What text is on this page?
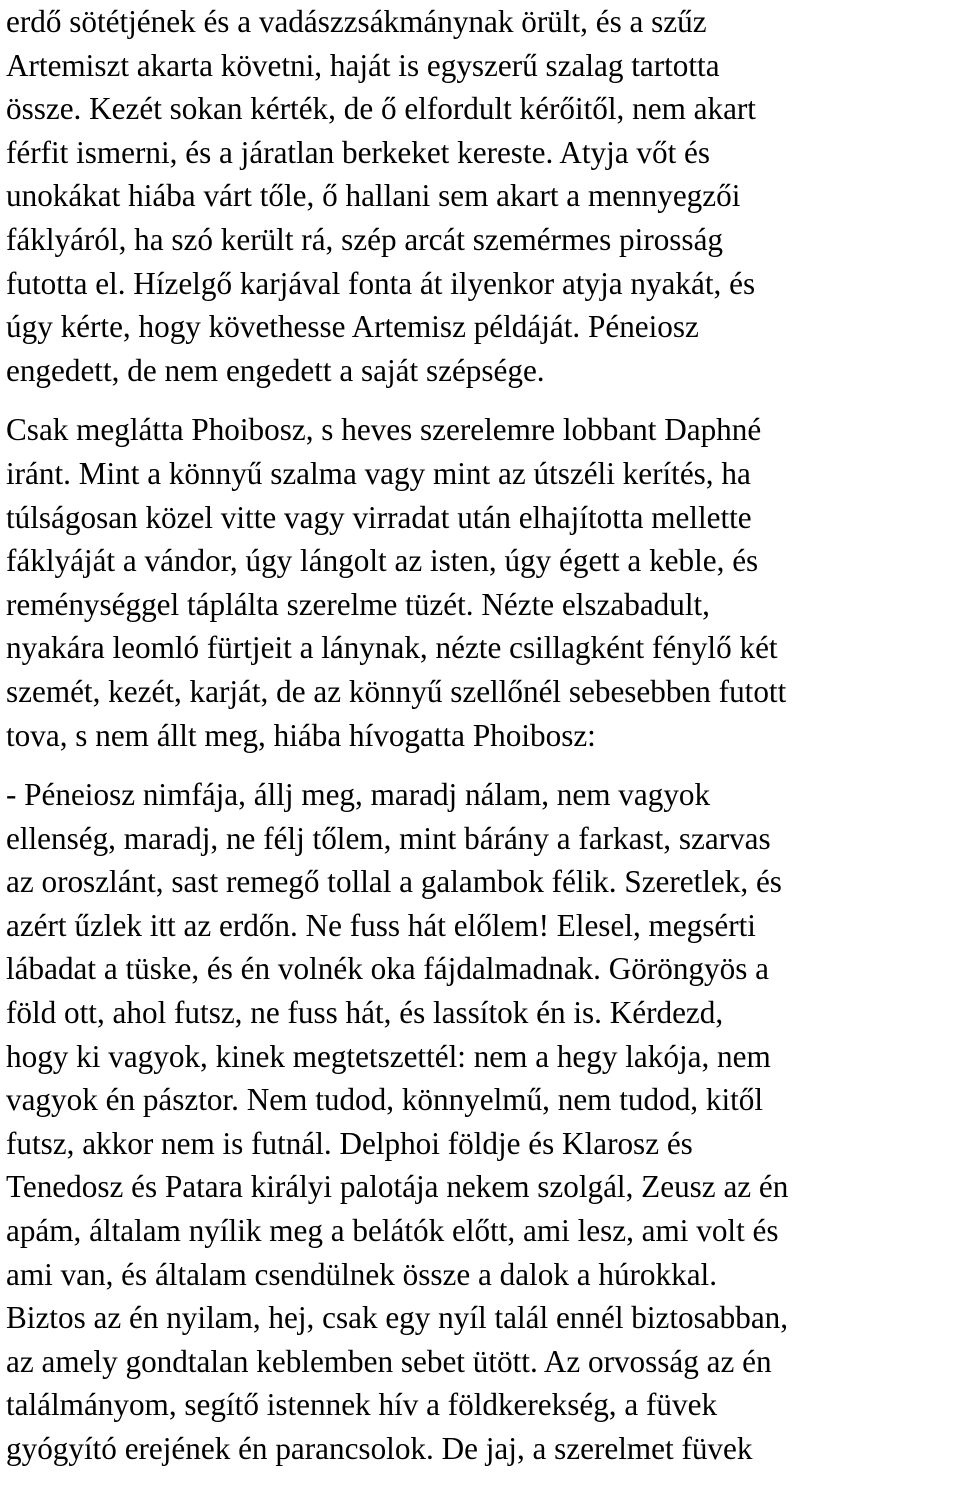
erdő sötétjének és a vadászzsákmánynak örült, és a szűz
Artemiszt akarta követni, haját is egyszerű szalag tartotta
össze. Kezét sokan kérték, de ő elfordult kérőitől, nem akart
férfit ismerni, és a járatlan berkeket kereste. Atyja vőt és
unokákat hiába várt tőle, ő hallani sem akart a mennyegzői
fáklyáról, ha szó került rá, szép arcát szemérmes pirosság
futotta el. Hízelgő karjával fonta át ilyenkor atyja nyakát, és
úgy kérte, hogy követhesse Artemisz példáját. Péneiosz
engedett, de nem engedett a saját szépsége.

Csak meglátta Phoibosz, s heves szerelemre lobbant Daphné
iránt. Mint a könnyű szalma vagy mint az útszéli kerítés, ha
túlságosan közel vitte vagy virradat után elhajította mellette
fáklyáját a vándor, úgy lángolt az isten, úgy égett a keble, és
reménységgel táplálta szerelme tüzét. Nézte elszabadult,
nyakára leomló fürtjeit a lánynak, nézte csillagként fénylő két
szemét, kezét, karját, de az könnyű szellőnél sebesebben futott
tova, s nem állt meg, hiába hívogatta Phoibosz:

- Péneiosz nimfája, állj meg, maradj nálam, nem vagyok
ellenség, maradj, ne félj tőlem, mint bárány a farkast, szarvas
az oroszlánt, sast remegő tollal a galambok félik. Szeretlek, és
azért űzlek itt az erdőn. Ne fuss hát előlem! Elesel, megsérti
lábadat a tüske, és én volnék oka fájdalmadnak. Göröngyös a
föld ott, ahol futsz, ne fuss hát, és lassítok én is. Kérdezd,
hogy ki vagyok, kinek megtetszettél: nem a hegy lakója, nem
vagyok én pásztor. Nem tudod, könnyelmű, nem tudod, kitől
futsz, akkor nem is futnál. Delphoi földje és Klarosz és
Tenedosz és Patara királyi palotája nekem szolgál, Zeusz az én
apám, általam nyílik meg a belátók előtt, ami lesz, ami volt és
ami van, és általam csendülnek össze a dalok a húrokkal.
Biztos az én nyilam, hej, csak egy nyíl talál ennél biztosabban,
az amely gondtalan keblemben sebet ütött. Az orvosság az én
találmányom, segítő istennek hív a földkerekség, a füvek
gyógyító erejének én parancsolok. De jaj, a szerelmet füvek
